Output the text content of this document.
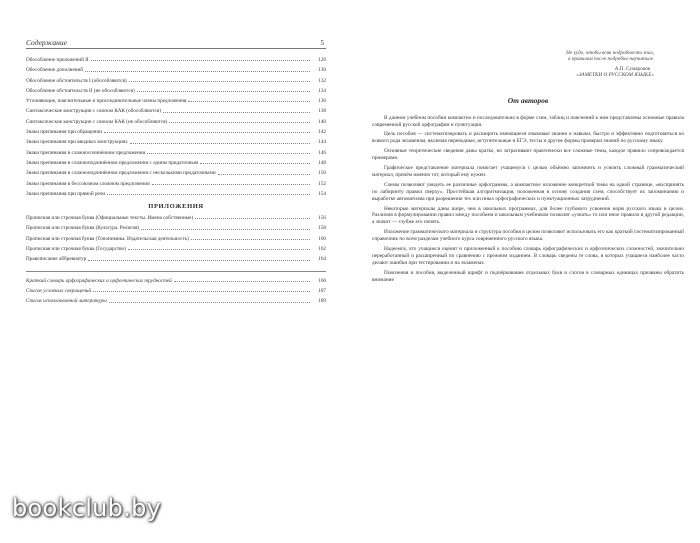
Содержание	5
Обособление приложений II	126
Обособление дополнений	130
Обособление обстоятельств I (обособляются)	132
Обособление обстоятельств II (не обособляются)	134
Уточняющие, пояснительные и присоединительные члены предложения	136
Синтаксические конструкции с союзом КАК (обособляются)	138
Синтаксические конструкции с союзом КАК (не обособляются)	140
Знаки препинания при обращении	142
Знаки препинания при вводных конструкциях	144
Знаки препинания в сложносочинённом предложении	146
Знаки препинания в сложноподчинённом предложении с одним придаточным	148
Знаки препинания в сложноподчинённом предложении с несколькими придаточными	150
Знаки препинания в бессоюзном сложном предложении	152
Знаки препинания при прямой речи	154
ПРИЛОЖЕНИЯ
Прописная или строчная буква (Официальные тексты. Имена собственные)	156
Прописная или строчная буква (Культура. Религия)	158
Прописная или строчная буква (Топонимика. Издательская деятельность)	160
Прописная или строчная буква (Государство)	162
Правописание аббревиатур	164
Краткий словарь орфографических и орфоэпических трудностей	166
Список условных сокращений	187
Список использованной литературы	189
Не худо, чтобы всяк подробности знал,
а правилам после подробно научиться.
А.П. Сумароков
«ЗАМЕТКИ О РУССКОМ ЯЗЫКЕ»
От авторов

В данном учебном пособии компактно и последовательно в форме схем, таблиц и пояснений к ним представлены основные правила современной русской орфографии и пунктуации.

Цель пособия — систематизировать и расширить имеющиеся языковые знания и навыки, быстро и эффективно подготовиться ко всякого рода экзаменам, включая переводные, вступительные и ЕГЭ, тесты и другие формы проверки знаний по русскому языку.

Основные теоретические сведения даны кратко, но затрагивают практически все сложные темы, каждое правило сопровождается примерами.

Графическое представление материала помогает учащемуся с целью объёмно запомнить и усвоить сложный грамматический материал, причём именно тот, который ему нужен.

Схемы позволяют увидеть ее различные орфограммы, а компактное изложение конкретной темы на одной странице, «воспринять по лабиринту правил сверху». Простейшая алгоритмизация, положенная в основу создания схем, способствует их запоминанию и выработке автоматизма при разрешении тех или иных орфографических и пунктуационных затруднений.

Некоторые материалы даны шире, чем в школьных программах, для более глубокого усвоения норм русского языка в целом. Различия в формулировании правил между пособием и школьным учебником позволят «узнать» то или иное правило в другой редакции, а значит — глубже его понять.

Изложение грамматического материала и структура пособия в целом позволяют использовать его как краткий систематизированный справочник по всем разделам учебного курса современного русского языка.

Надеемся, что учащиеся оценят и приложенный к пособию словарь орфографических и орфоэпических сложностей, значительно переработанный и расширенный по сравнению с прежним изданием. В словарь сведены те слова, в которых учащиеся наиболее часто делают ошибки при тестировании и на экзаменах.

Пояснения и пособия, выделенный шрифт и подчёркивание отдельных букв и слогов в словарных единицах призваны обратить внимание

bookclub.by
